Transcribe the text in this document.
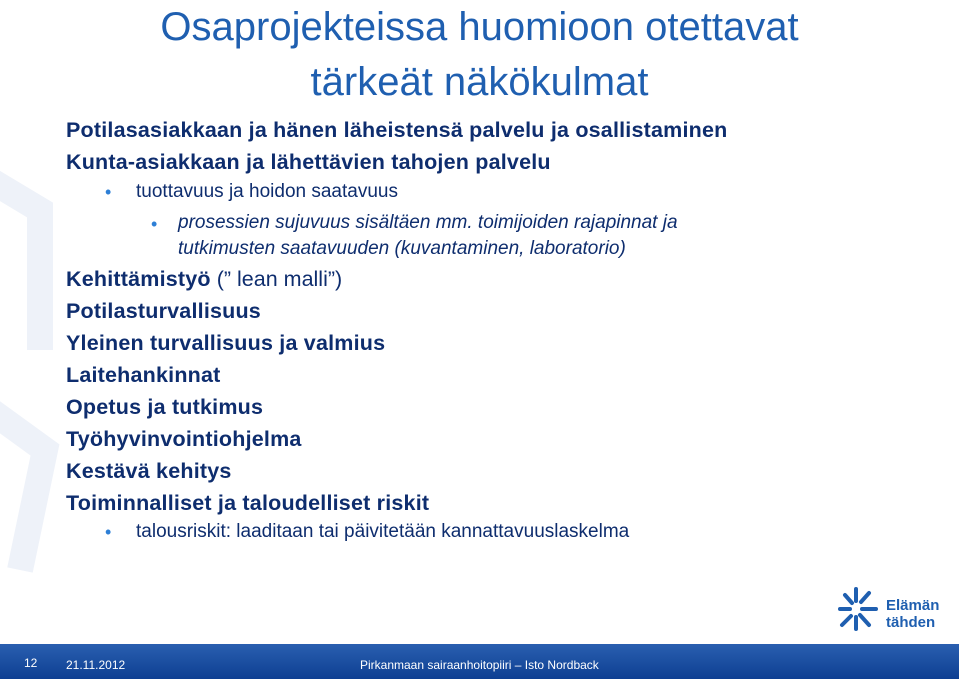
Osaprojekteissa huomioon otettavat
tärkeät näkökulmat
Potilasasiakkaan ja hänen läheistensä palvelu ja osallistaminen
Kunta-asiakkaan ja lähettävien tahojen palvelu
• tuottavuus ja hoidon saatavuus
• prosessien sujuvuus sisältäen mm. toimijoiden rajapinnat ja
tutkimusten saatavuuden (kuvantaminen, laboratorio)
Kehittämistyö (” lean malli”)
Potilasturvallisuus
Yleinen turvallisuus ja valmius
Laitehankinnat
Opetus ja tutkimus
Työhyvinvointiohjelma
Kestävä kehitys
Toiminnalliset ja taloudelliset riskit
• talousriskit: laaditaan tai päivitetään kannattavuuslaskelma
Elämän
tähden
12 21.11.2012	Pirkanmaan sairaanhoitopiiri – Isto Nordback
